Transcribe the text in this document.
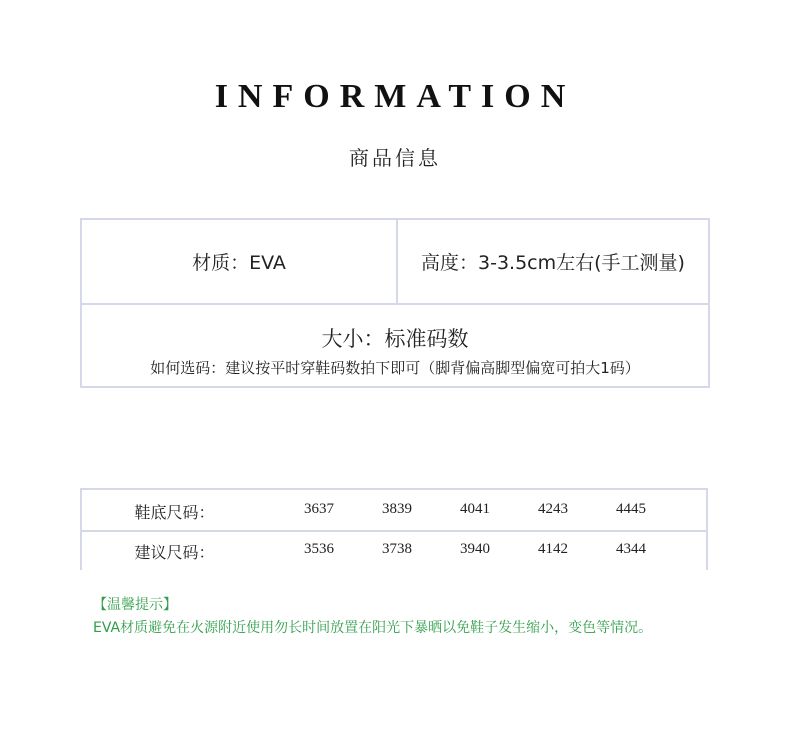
INFORMATION
商品信息
材质：EVA	高度：3-3.5cm左右(手工测量)
大小：标准码数
如何选码：建议按平时穿鞋码数拍下即可（脚背偏高脚型偏宽可拍大1码）
鞋底尺码：	3637	3839	4041	4243	4445
建议尺码：	3536	3738	3940	4142	4344
【温馨提示】
EVA材质避免在火源附近使用勿长时间放置在阳光下暴晒以免鞋子发生缩小，变色等情况。
